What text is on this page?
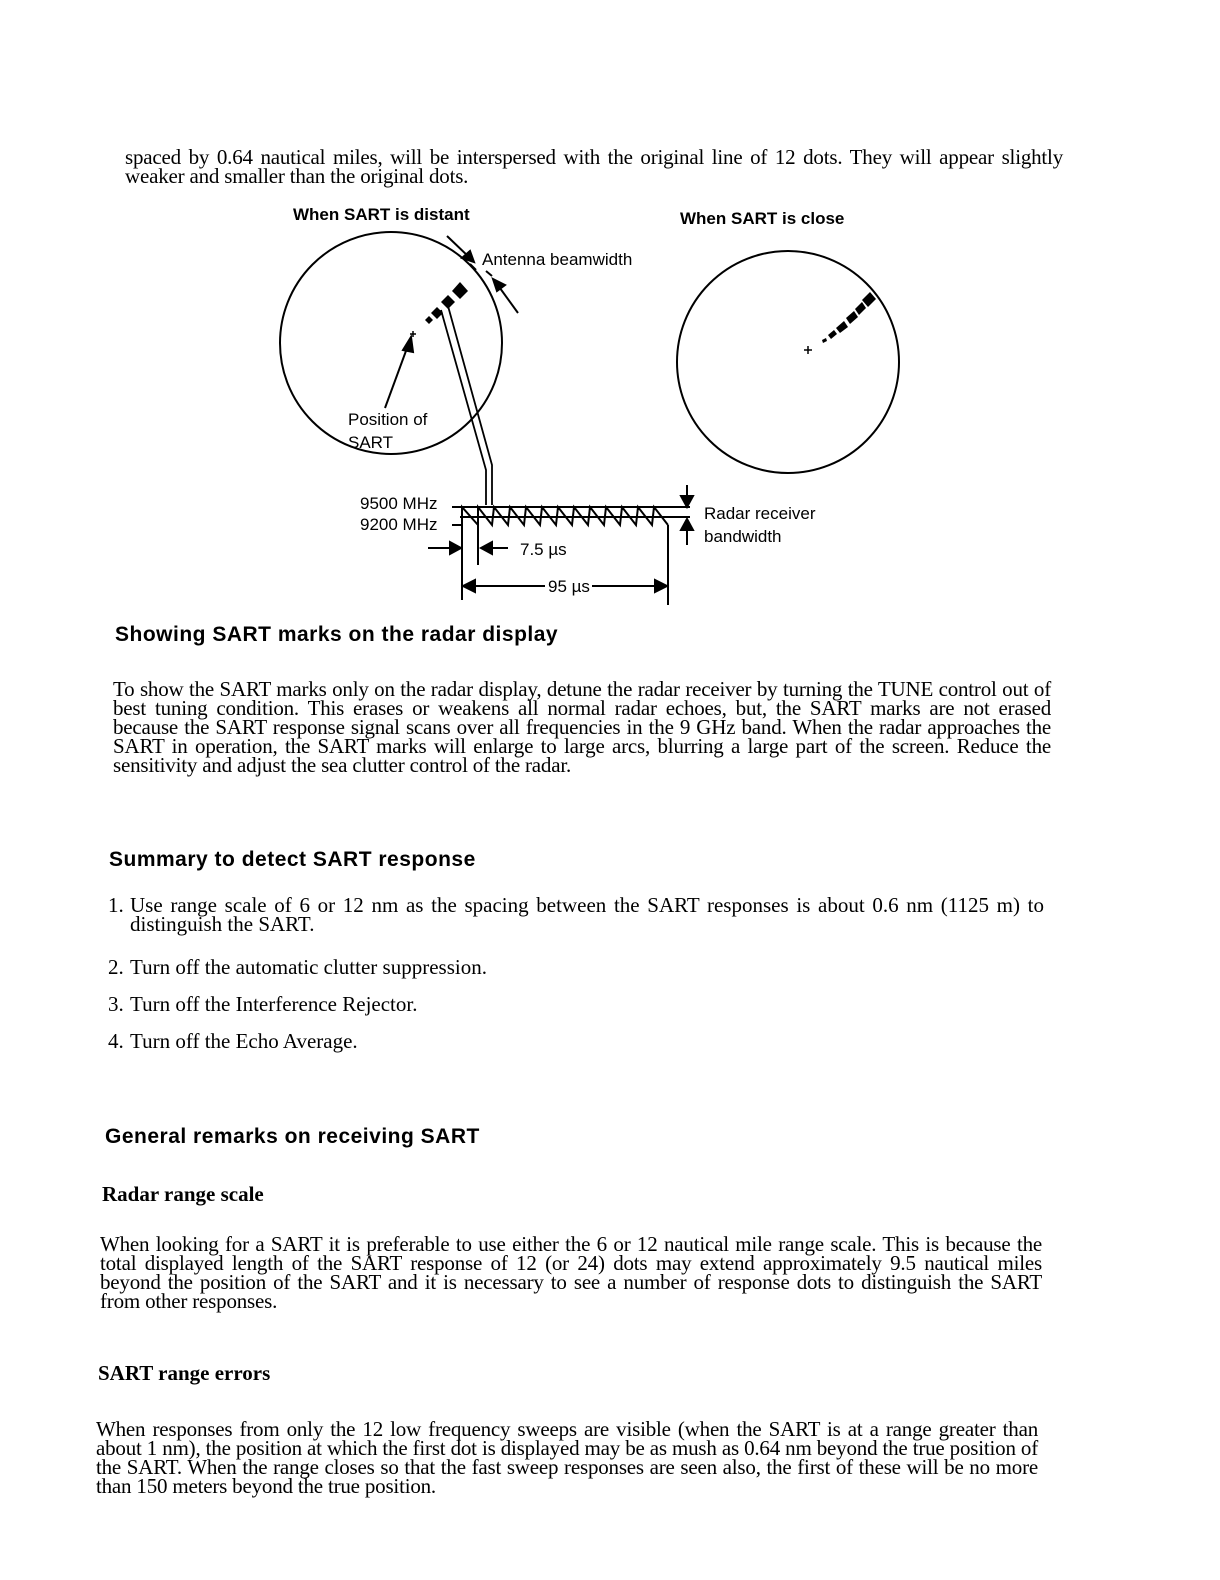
spaced by 0.64 nautical miles, will be interspersed with the original line of 12 dots. They will appear slightly weaker and smaller than the original dots.
When SART is distant	When SART is close
Antenna beamwidth
Position of
SART
9500 MHz
9200 MHz
7.5 µs
95 µs
Radar receiver
bandwidth
Showing SART marks on the radar display
To show the SART marks only on the radar display, detune the radar receiver by turning the TUNE control out of best tuning condition. This erases or weakens all normal radar echoes, but, the SART marks are not erased because the SART response signal scans over all frequencies in the 9 GHz band. When the radar approaches the SART in operation, the SART marks will enlarge to large arcs, blurring a large part of the screen. Reduce the sensitivity and adjust the sea clutter control of the radar.
Summary to detect SART response
1. Use range scale of 6 or 12 nm as the spacing between the SART responses is about 0.6 nm (1125 m) to distinguish the SART.
2. Turn off the automatic clutter suppression.
3. Turn off the Interference Rejector.
4. Turn off the Echo Average.
General remarks on receiving SART
Radar range scale
When looking for a SART it is preferable to use either the 6 or 12 nautical mile range scale. This is because the total displayed length of the SART response of 12 (or 24) dots may extend approximately 9.5 nautical miles beyond the position of the SART and it is necessary to see a number of response dots to distinguish the SART from other responses.
SART range errors
When responses from only the 12 low frequency sweeps are visible (when the SART is at a range greater than about 1 nm), the position at which the first dot is displayed may be as mush as 0.64 nm beyond the true position of the SART. When the range closes so that the fast sweep responses are seen also, the first of these will be no more than 150 meters beyond the true position.
